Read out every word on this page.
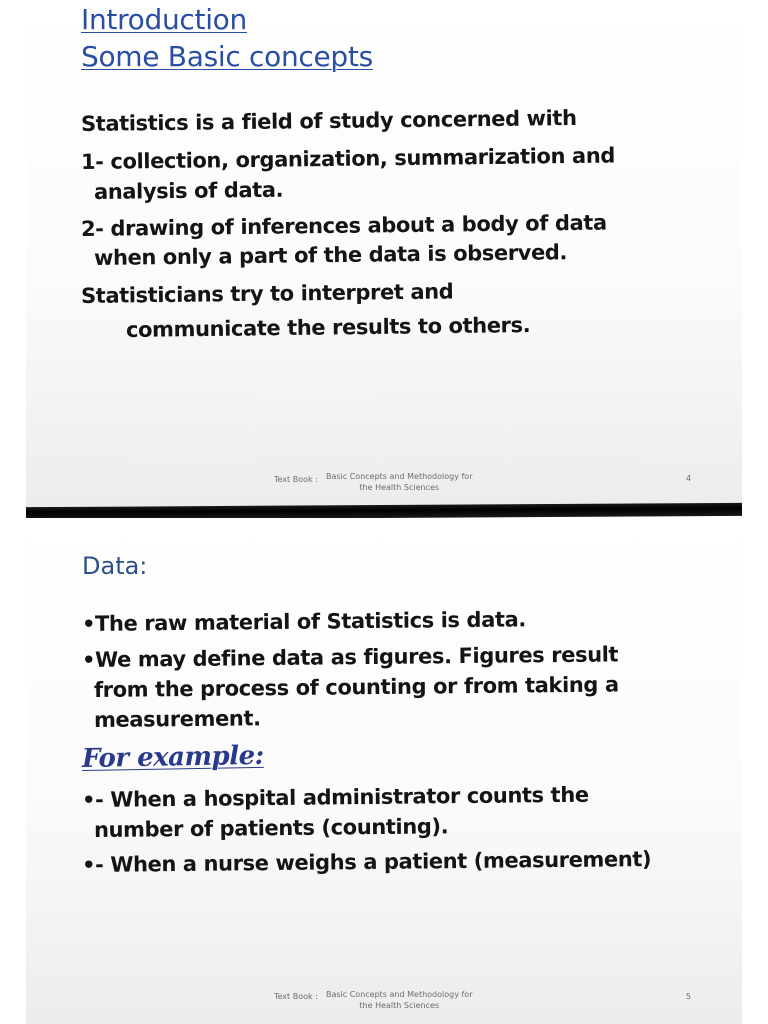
Introduction
Some Basic concepts

Statistics is a field of study concerned with

1- collection, organization, summarization and

analysis of data.

2- drawing of inferences about a body of data

when only a part of the data is observed.

Statisticians try to interpret and

communicate the results to others.

Text Book : Basic Concepts and Methodology for
the Health Sciences
4
Data:

•The raw material of Statistics is data.

•We may define data as figures. Figures result

from the process of counting or from taking a

measurement.

For example:

•- When a hospital administrator counts the

number of patients (counting).

•- When a nurse weighs a patient (measurement)

Text Book : Basic Concepts and Methodology for
the Health Sciences
5
